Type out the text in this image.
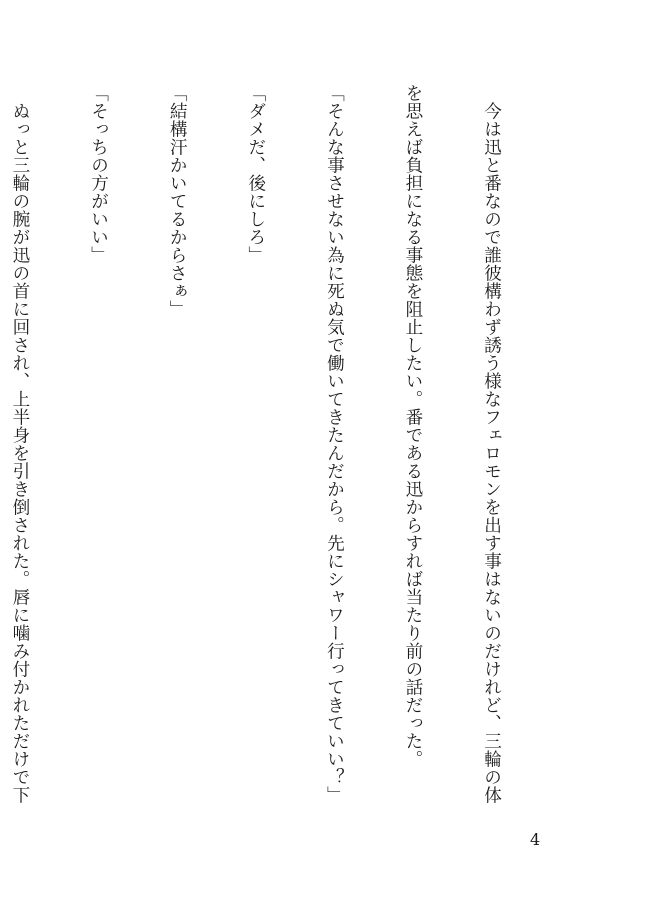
　今は迅と番なので誰彼構わず誘う様なフェロモンを出す事はないのだけれど、三輪の体

を思えば負担になる事態を阻止したい。番である迅からすれば当たり前の話だった。

「そんな事させない為に死ぬ気で働いてきたんだから。先にシャワー行ってきていい？」

「ダメだ、後にしろ」

「結構汗かいてるからさぁ」

「そっちの方がいい」

　ぬっと三輪の腕が迅の首に回され、上半身を引き倒された。唇に噛み付かれただけで下

4
